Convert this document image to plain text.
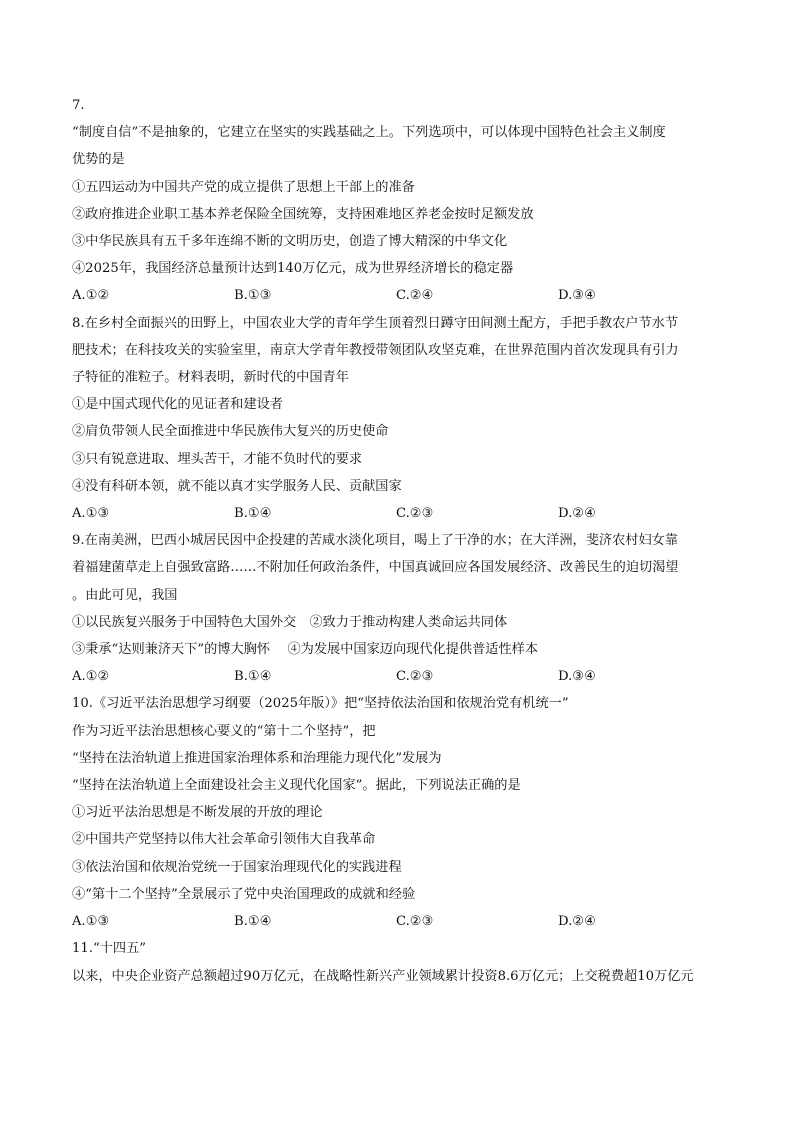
7.
“制度自信”不是抽象的，它建立在坚实的实践基础之上。下列选项中，可以体现中国特色社会主义制度
优势的是
①五四运动为中国共产党的成立提供了思想上干部上的准备
②政府推进企业职工基本养老保险全国统筹，支持困难地区养老金按时足额发放
③中华民族具有五千多年连绵不断的文明历史，创造了博大精深的中华文化
④2025年，我国经济总量预计达到140万亿元，成为世界经济增长的稳定器
A.①②	B.①③	C.②④	D.③④
8.在乡村全面振兴的田野上，中国农业大学的青年学生顶着烈日蹲守田间测土配方，手把手教农户节水节
肥技术；在科技攻关的实验室里，南京大学青年教授带领团队攻坚克难，在世界范围内首次发现具有引力
子特征的准粒子。材料表明，新时代的中国青年
①是中国式现代化的见证者和建设者
②肩负带领人民全面推进中华民族伟大复兴的历史使命
③只有锐意进取、埋头苦干，才能不负时代的要求
④没有科研本领，就不能以真才实学服务人民、贡献国家
A.①③	B.①④	C.②③	D.②④
9.在南美洲，巴西小城居民因中企投建的苦咸水淡化项目，喝上了干净的水；在大洋洲，斐济农村妇女靠
着福建菌草走上自强致富路……不附加任何政治条件，中国真诚回应各国发展经济、改善民生的迫切渴望
。由此可见，我国
①以民族复兴服务于中国特色大国外交　②致力于推动构建人类命运共同体
③秉承“达则兼济天下”的博大胸怀　 ④为发展中国家迈向现代化提供普适性样本
A.①②	B.①④	C.②③	D.③④
10.《习近平法治思想学习纲要（2025年版）》把“坚持依法治国和依规治党有机统一”
作为习近平法治思想核心要义的“第十二个坚持”，把
“坚持在法治轨道上推进国家治理体系和治理能力现代化”发展为
“坚持在法治轨道上全面建设社会主义现代化国家”。据此，下列说法正确的是
①习近平法治思想是不断发展的开放的理论
②中国共产党坚持以伟大社会革命引领伟大自我革命
③依法治国和依规治党统一于国家治理现代化的实践进程
④“第十二个坚持”全景展示了党中央治国理政的成就和经验
A.①③	B.①④	C.②③	D.②④
11.“十四五”
以来，中央企业资产总额超过90万亿元，在战略性新兴产业领域累计投资8.6万亿元；上交税费超10万亿元
